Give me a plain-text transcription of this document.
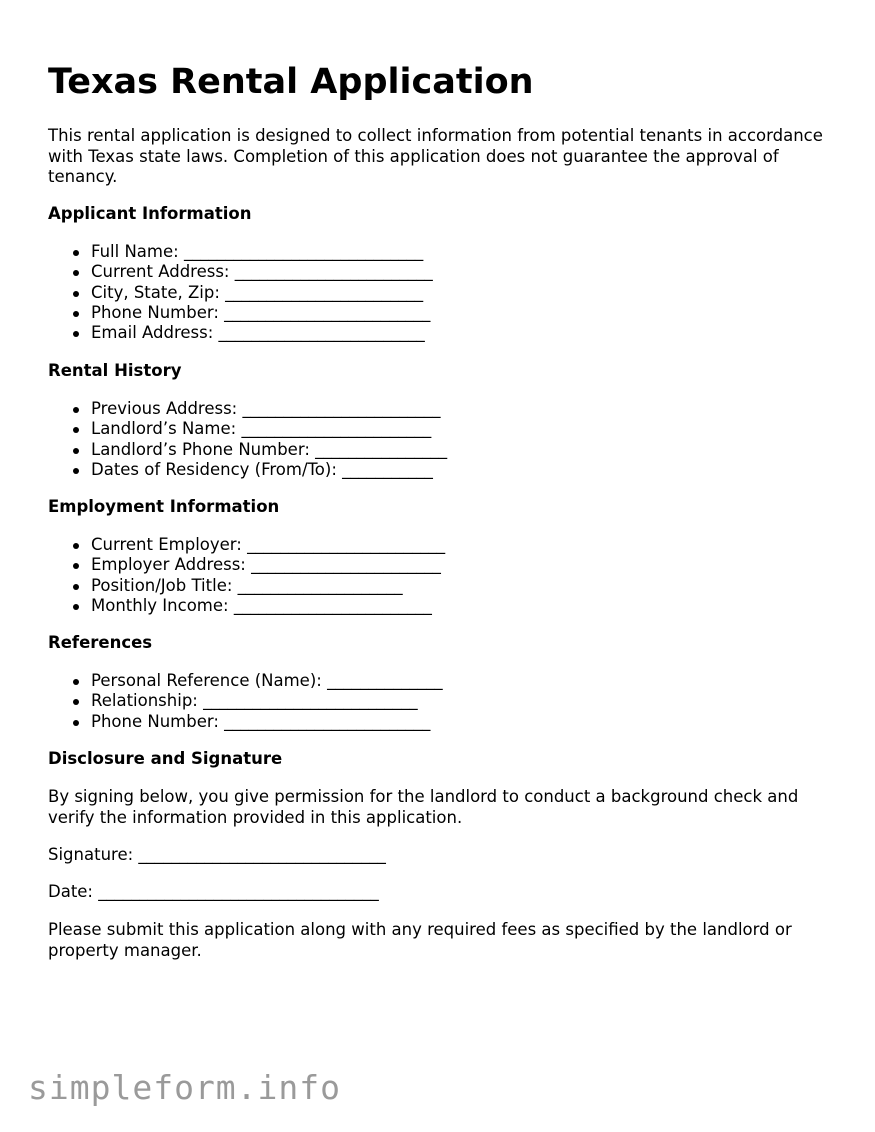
Texas Rental Application

This rental application is designed to collect information from potential tenants in accordance with Texas state laws. Completion of this application does not guarantee the approval of tenancy.

Applicant Information

Full Name: _____________________________
Current Address: ________________________
City, State, Zip: ________________________
Phone Number: _________________________
Email Address: _________________________

Rental History

Previous Address: ________________________
Landlord’s Name: _______________________
Landlord’s Phone Number: ________________
Dates of Residency (From/To): ___________

Employment Information

Current Employer: ________________________
Employer Address: _______________________
Position/Job Title: ____________________
Monthly Income: ________________________

References

Personal Reference (Name): ______________
Relationship: __________________________
Phone Number: _________________________

Disclosure and Signature

By signing below, you give permission for the landlord to conduct a background check and verify the information provided in this application.

Signature: ______________________________

Date: __________________________________

Please submit this application along with any required fees as specified by the landlord or property manager.

simpleform.info
